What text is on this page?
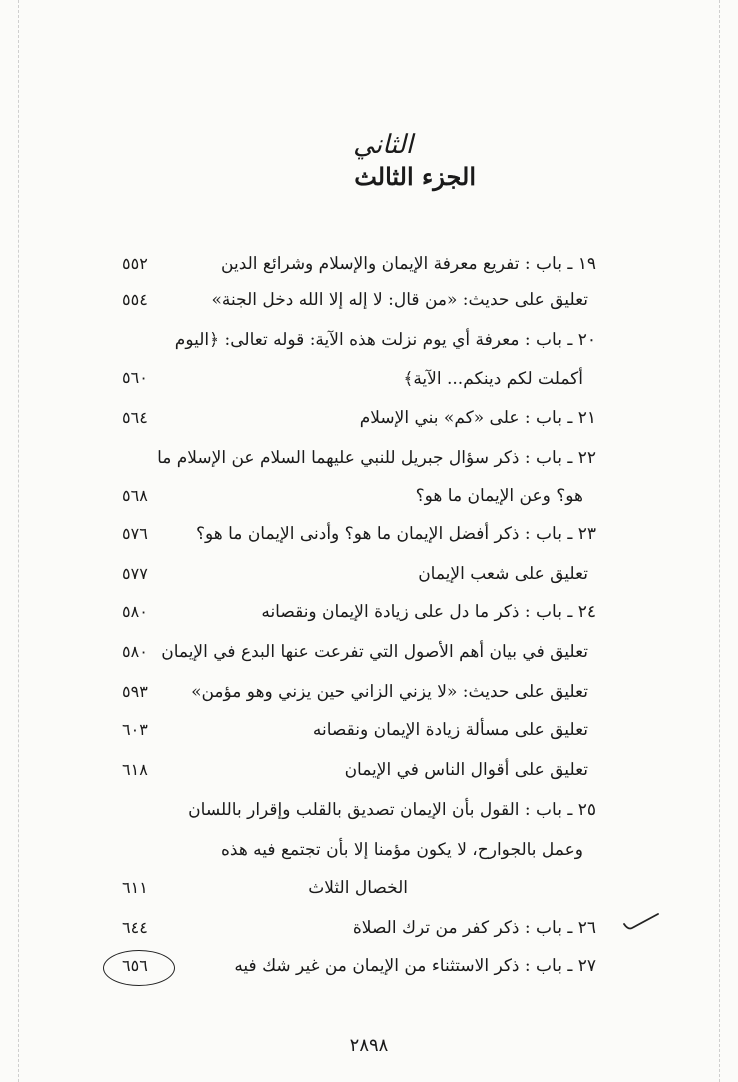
الثاني
الجزء الثالث
١٩ ـ باب : تفريع معرفة الإيمان والإسلام وشرائع الدين
٥٥٢
تعليق على حديث: «من قال: لا إله إلا الله دخل الجنة»
٥٥٤
٢٠ ـ باب : معرفة أي يوم نزلت هذه الآية: قوله تعالى: ﴿اليوم
أكملت لكم دينكم... الآية﴾
٥٦٠
٢١ ـ باب : على «كم» بني الإسلام
٥٦٤
٢٢ ـ باب : ذكر سؤال جبريل للنبي عليهما السلام عن الإسلام ما
هو؟ وعن الإيمان ما هو؟
٥٦٨
٢٣ ـ باب : ذكر أفضل الإيمان ما هو؟ وأدنى الإيمان ما هو؟
٥٧٦
تعليق على شعب الإيمان
٥٧٧
٢٤ ـ باب : ذكر ما دل على زيادة الإيمان ونقصانه
٥٨٠
تعليق في بيان أهم الأصول التي تفرعت عنها البدع في الإيمان
٥٨٠
تعليق على حديث: «لا يزني الزاني حين يزني وهو مؤمن»
٥٩٣
تعليق على مسألة زيادة الإيمان ونقصانه
٦٠٣
تعليق على أقوال الناس في الإيمان
٦١٨
٢٥ ـ باب : القول بأن الإيمان تصديق بالقلب وإقرار باللسان
وعمل بالجوارح، لا يكون مؤمنا إلا بأن تجتمع فيه هذه
الخصال الثلاث
٦١١
٢٦ ـ باب : ذكر كفر من ترك الصلاة
٦٤٤
٢٧ ـ باب : ذكر الاستثناء من الإيمان من غير شك فيه
٦٥٦
٢٨٩٨
